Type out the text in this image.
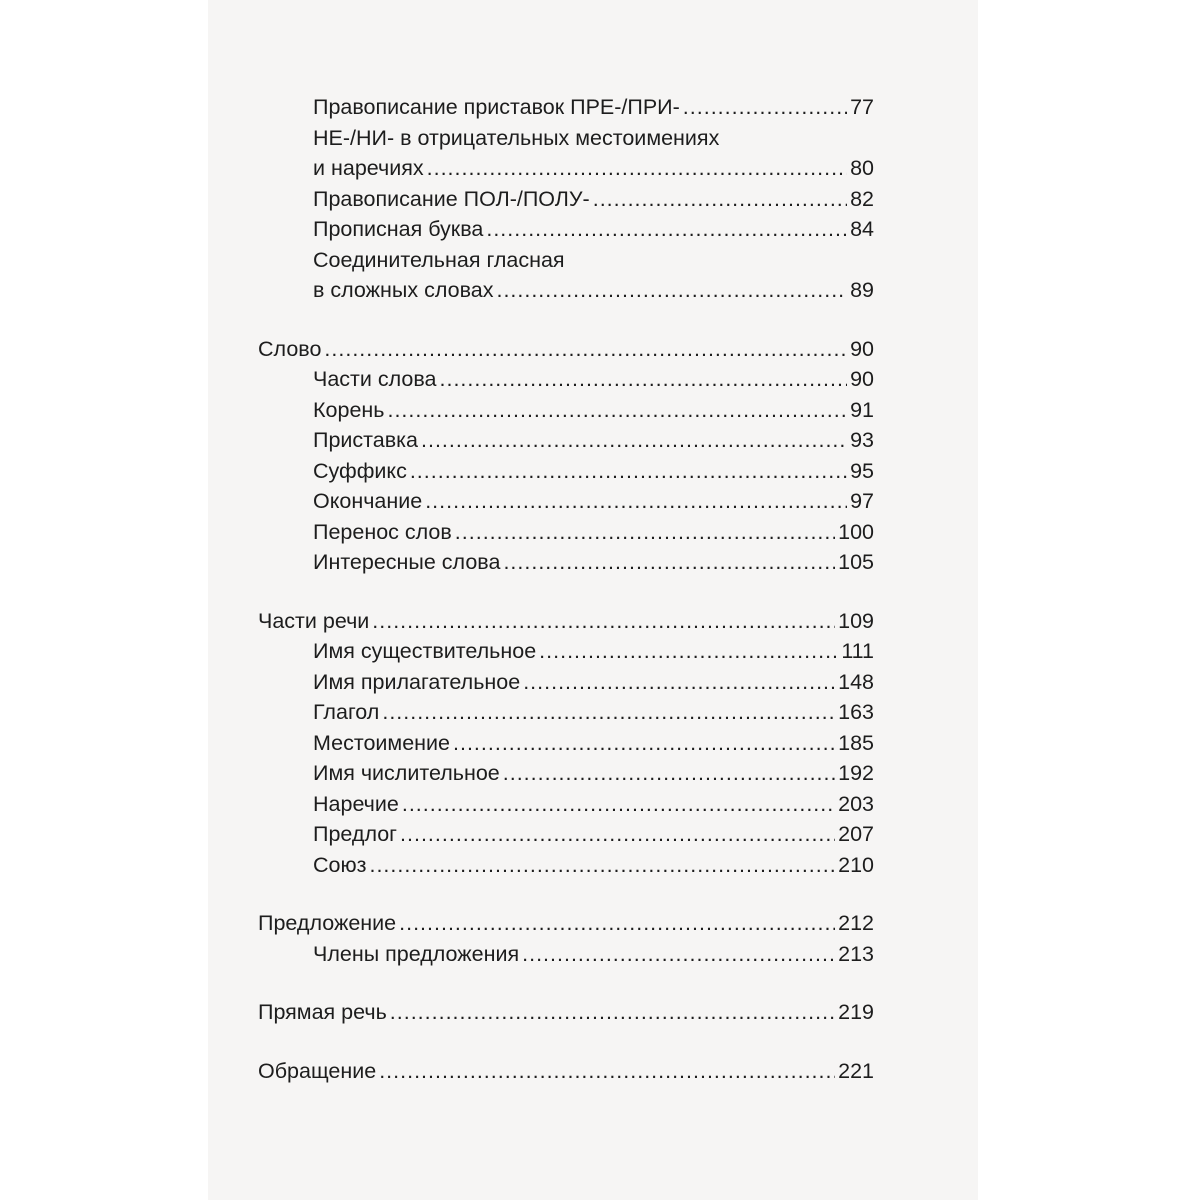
Правописание приставок ПРЕ-/ПРИ- .....	77
НЕ-/НИ- в отрицательных местоимениях
и наречиях .....	80
Правописание ПОЛ-/ПОЛУ- .....	82
Прописная буква .....	84
Соединительная гласная
в сложных словах .....	89
Слово .....	90
Части слова .....	90
Корень .....	91
Приставка .....	93
Суффикс .....	95
Окончание .....	97
Перенос слов .....	100
Интересные слова .....	105
Части речи .....	109
Имя существительное .....	111
Имя прилагательное .....	148
Глагол .....	163
Местоимение .....	185
Имя числительное .....	192
Наречие .....	203
Предлог .....	207
Союз .....	210
Предложение .....	212
Члены предложения .....	213
Прямая речь .....	219
Обращение .....	221
